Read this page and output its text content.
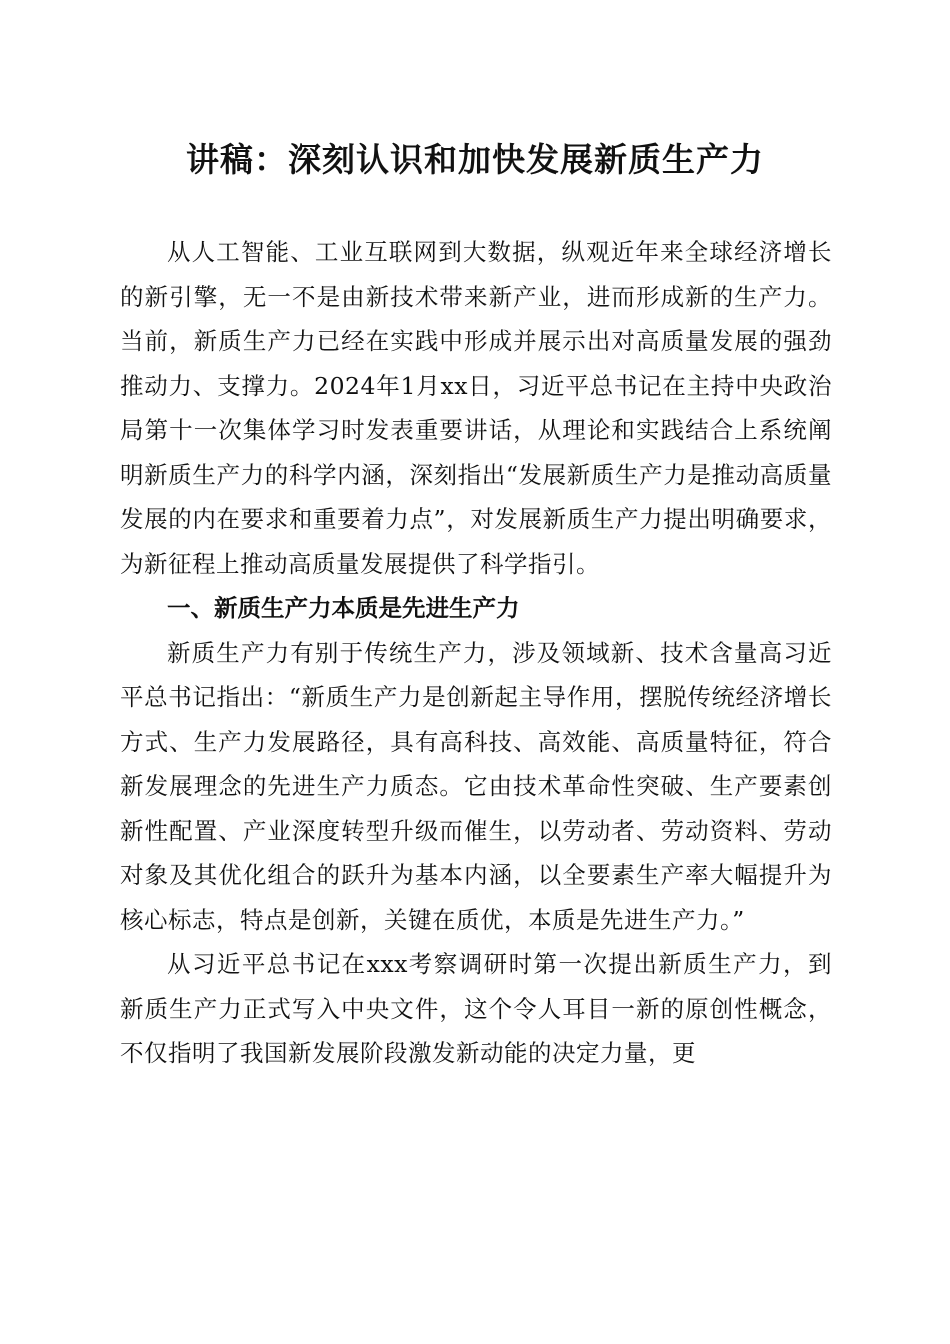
讲稿：深刻认识和加快发展新质生产力

从人工智能、工业互联网到大数据，纵观近年来全球经济增长的新引擎，无一不是由新技术带来新产业，进而形成新的生产力。当前，新质生产力已经在实践中形成并展示出对高质量发展的强劲推动力、支撑力。2024年1月xx日，习近平总书记在主持中央政治局第十一次集体学习时发表重要讲话，从理论和实践结合上系统阐明新质生产力的科学内涵，深刻指出“发展新质生产力是推动高质量发展的内在要求和重要着力点”，对发展新质生产力提出明确要求，为新征程上推动高质量发展提供了科学指引。

一、新质生产力本质是先进生产力

新质生产力有别于传统生产力，涉及领域新、技术含量高习近平总书记指出：“新质生产力是创新起主导作用，摆脱传统经济增长方式、生产力发展路径，具有高科技、高效能、高质量特征，符合新发展理念的先进生产力质态。它由技术革命性突破、生产要素创新性配置、产业深度转型升级而催生，以劳动者、劳动资料、劳动对象及其优化组合的跃升为基本内涵，以全要素生产率大幅提升为核心标志，特点是创新，关键在质优，本质是先进生产力。”

从习近平总书记在xxx考察调研时第一次提出新质生产力，到新质生产力正式写入中央文件，这个令人耳目一新的原创性概念，不仅指明了我国新发展阶段激发新动能的决定力量，更
